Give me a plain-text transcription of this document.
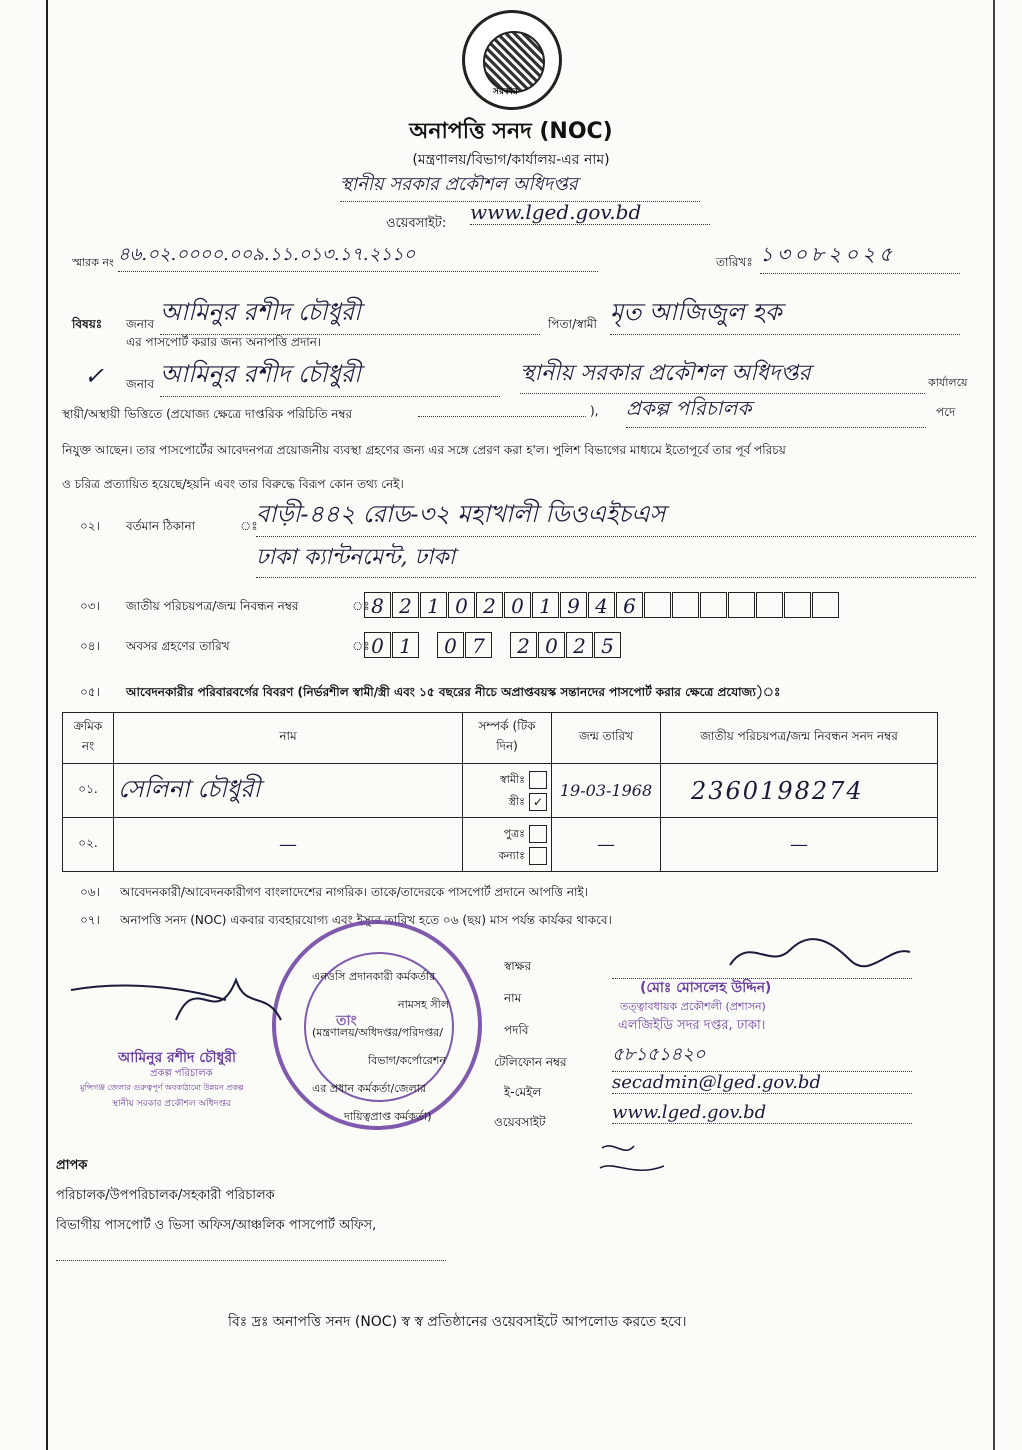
সরকার
অনাপত্তি সনদ (NOC)
(মন্ত্রণালয়/বিভাগ/কার্যালয়-এর নাম)
স্থানীয় সরকার প্রকৌশল অধিদপ্তর
ওয়েবসাইট: www.lged.gov.bd
স্মারক নং ৪৬.০২.০০০০.০০৯.১১.০১৩.১৭.২১১০	তারিখঃ ১৩০৮২০২৫
বিষয়ঃ জনাব আমিনুর রশীদ চৌধুরী	পিতা/স্বামী মৃত আজিজুল হক
এর পাসপোর্ট করার জন্য অনাপত্তি প্রদান।
✓ জনাব আমিনুর রশীদ চৌধুরী	স্থানীয় সরকার প্রকৌশল অধিদপ্তর	কার্যালয়ে
স্থায়ী/অস্থায়ী ভিত্তিতে (প্রযোজ্য ক্ষেত্রে দাপ্তরিক পরিচিতি নম্বর	), প্রকল্প পরিচালক	পদে
নিযুক্ত আছেন। তার পাসপোর্টের আবেদনপত্র প্রয়োজনীয় ব্যবস্থা গ্রহণের জন্য এর সঙ্গে প্রেরণ করা হ'ল। পুলিশ বিভাগের মাধ্যমে ইতোপূর্বে তার পূর্ব পরিচয়
ও চরিত্র প্রত্যায়িত হয়েছে/হয়নি এবং তার বিরুদ্ধে বিরূপ কোন তথ্য নেই।
০২। বর্তমান ঠিকানা	ঃ
বাড়ী-৪৪২ রোড-৩২ মহাখালী ডিওএইচএস
ঢাকা ক্যান্টনমেন্ট, ঢাকা
০৩। জাতীয় পরিচয়পত্র/জন্ম নিবন্ধন নম্বর	ঃ 8 2 1 0 2 0 1 9 4 6
০৪। অবসর গ্রহণের তারিখ	ঃ 0 1	0 7	2 0 2 5
০৫। আবেদনকারীর পরিবারবর্গের বিবরণ (নির্ভরশীল স্বামী/স্ত্রী এবং ১৫ বছরের নীচে অপ্রাপ্তবয়স্ক সন্তানদের পাসপোর্ট করার ক্ষেত্রে প্রযোজ্য)ঃ
ক্রমিক নং	নাম	সম্পর্ক (টিক দিন)	জন্ম তারিখ	জাতীয় পরিচয়পত্র/জন্ম নিবন্ধন সনদ নম্বর
০১.	সেলিনা চৌধুরী	স্বামীঃ
স্ত্রীঃ ✓	19-03-1968	2360198274
০২.	—	পুত্রঃ
কন্যাঃ	—	—
০৬। আবেদনকারী/আবেদনকারীগণ বাংলাদেশের নাগরিক। তাকে/তাদেরকে পাসপোর্ট প্রদানে আপত্তি নাই।
০৭। অনাপত্তি সনদ (NOC) একবার ব্যবহারযোগ্য এবং ইস্যুর তারিখ হতে ০৬ (ছয়) মাস পর্যন্ত কার্যকর থাকবে।
তাং
এনওসি প্রদানকারী কর্মকর্তার
নামসহ সীল
(মন্ত্রণালয়/অধিদপ্তর/পরিদপ্তর/
বিভাগ/কর্পোরেশন
এর প্রধান কর্মকর্তা/জেলার
দায়িত্বপ্রাপ্ত কর্মকর্তা)
স্বাক্ষর
নাম
পদবি
টেলিফোন নম্বর
ই-মেইল
ওয়েবসাইট
(মোঃ মোসলেহ উদ্দিন)
তত্ত্বাবধায়ক প্রকৌশলী (প্রশাসন)
এলজিইডি সদর দপ্তর, ঢাকা।
৫৮১৫১৪২০
secadmin@lged.gov.bd
www.lged.gov.bd
আমিনুর রশীদ চৌধুরী
প্রকল্প পরিচালক
মুন্সিগঞ্জ জেলার গুরুত্বপূর্ণ অবকাঠামো উন্নয়ন প্রকল্প
স্থানীয় সরকার প্রকৌশল অধিদপ্তর
প্রাপক
পরিচালক/উপপরিচালক/সহকারী পরিচালক
বিভাগীয় পাসপোর্ট ও ভিসা অফিস/আঞ্চলিক পাসপোর্ট অফিস,
বিঃ দ্রঃ অনাপত্তি সনদ (NOC) স্ব স্ব প্রতিষ্ঠানের ওয়েবসাইটে আপলোড করতে হবে।
